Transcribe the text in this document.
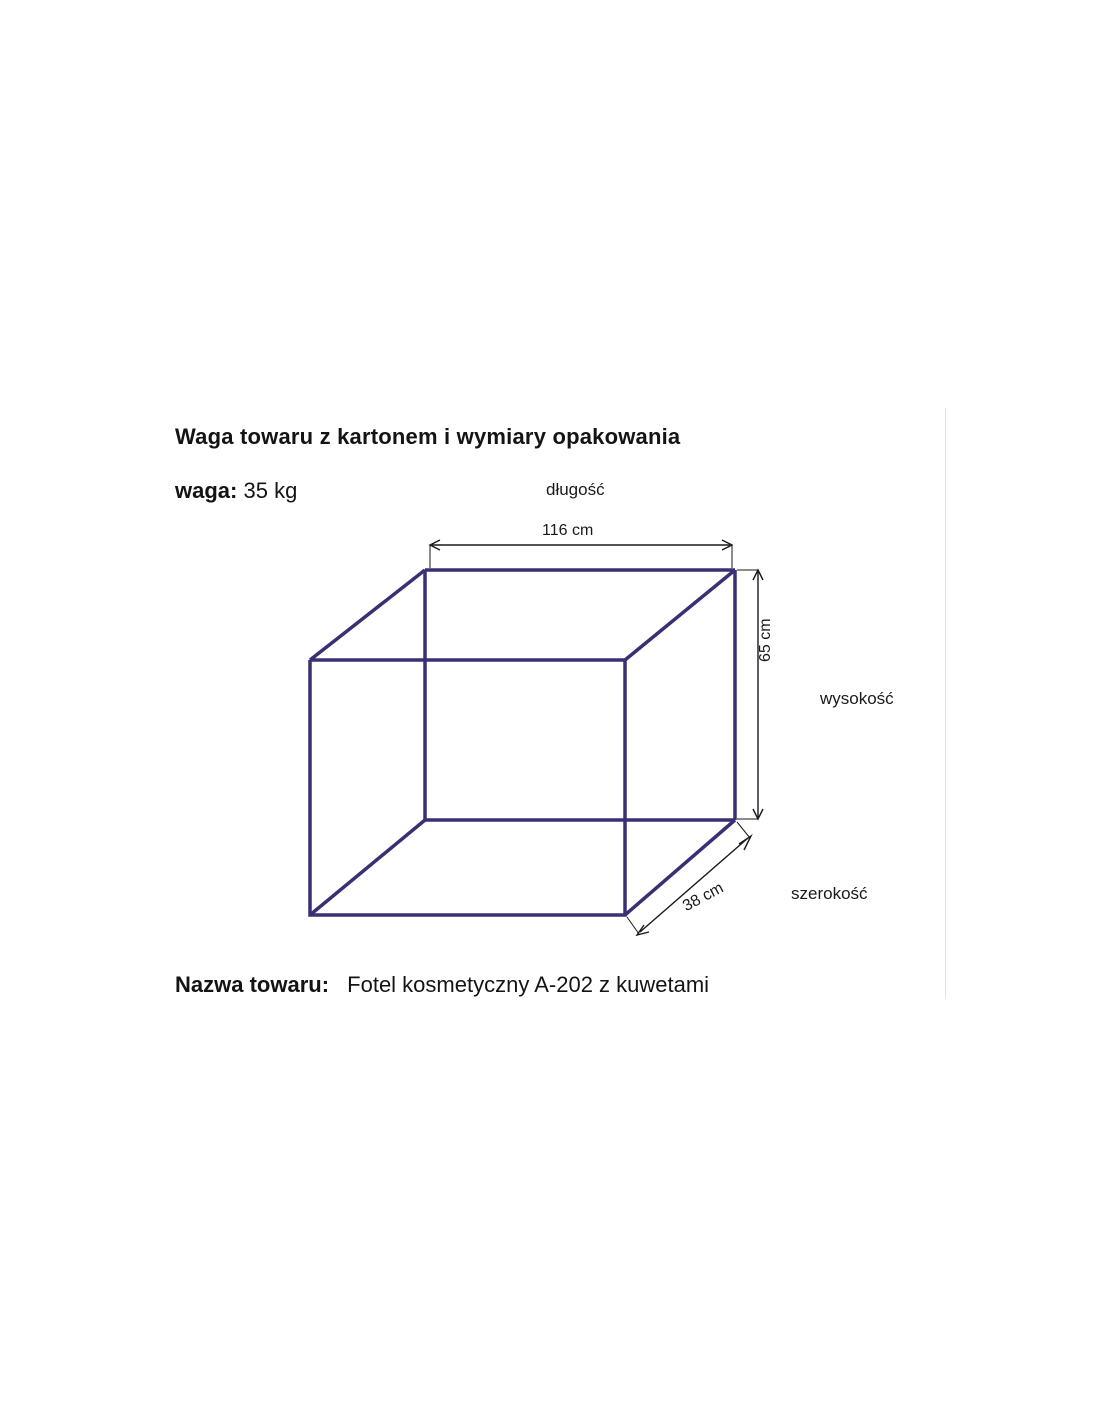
Waga towaru z kartonem i wymiary opakowania
waga: 35 kg	długość
116 cm
wysokość
65 cm
szerokość
38 cm
Nazwa towaru: Fotel kosmetyczny A-202 z kuwetami
